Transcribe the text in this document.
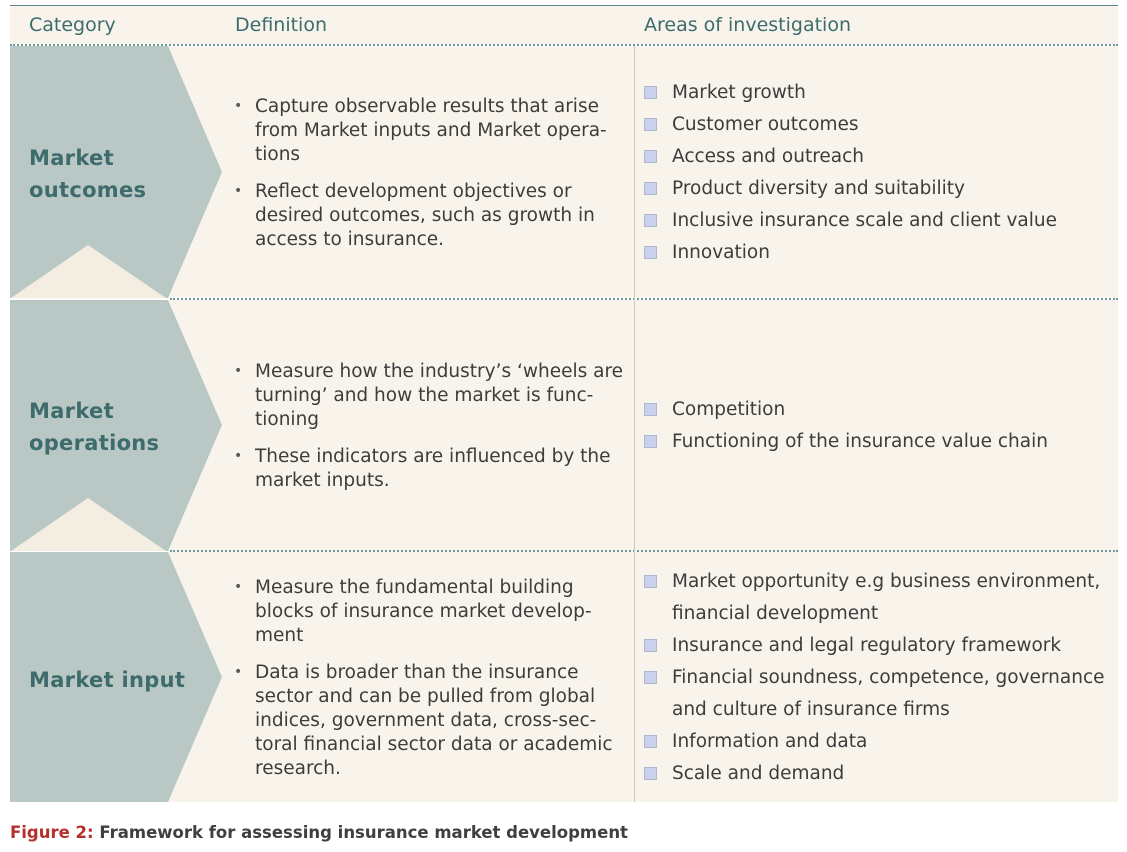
Category	Definition	Areas of investigation
Market
outcomes
• Capture observable results that arise from Market inputs and Market opera-tions
• Reflect development objectives or desired outcomes, such as growth in access to insurance.
Market growth
Customer outcomes
Access and outreach
Product diversity and suitability
Inclusive insurance scale and client value
Innovation
Market
operations
• Measure how the industry’s ‘wheels are turning’ and how the market is func-tioning
• These indicators are influenced by the market inputs.
Competition
Functioning of the insurance value chain
Market input
• Measure the fundamental building blocks of insurance market develop-ment
• Data is broader than the insurance sector and can be pulled from global indices, government data, cross-sec-toral financial sector data or academic research.
Market opportunity e.g business environment, financial development
Insurance and legal regulatory framework
Financial soundness, competence, governance and culture of insurance firms
Information and data
Scale and demand
Figure 2: Framework for assessing insurance market development
